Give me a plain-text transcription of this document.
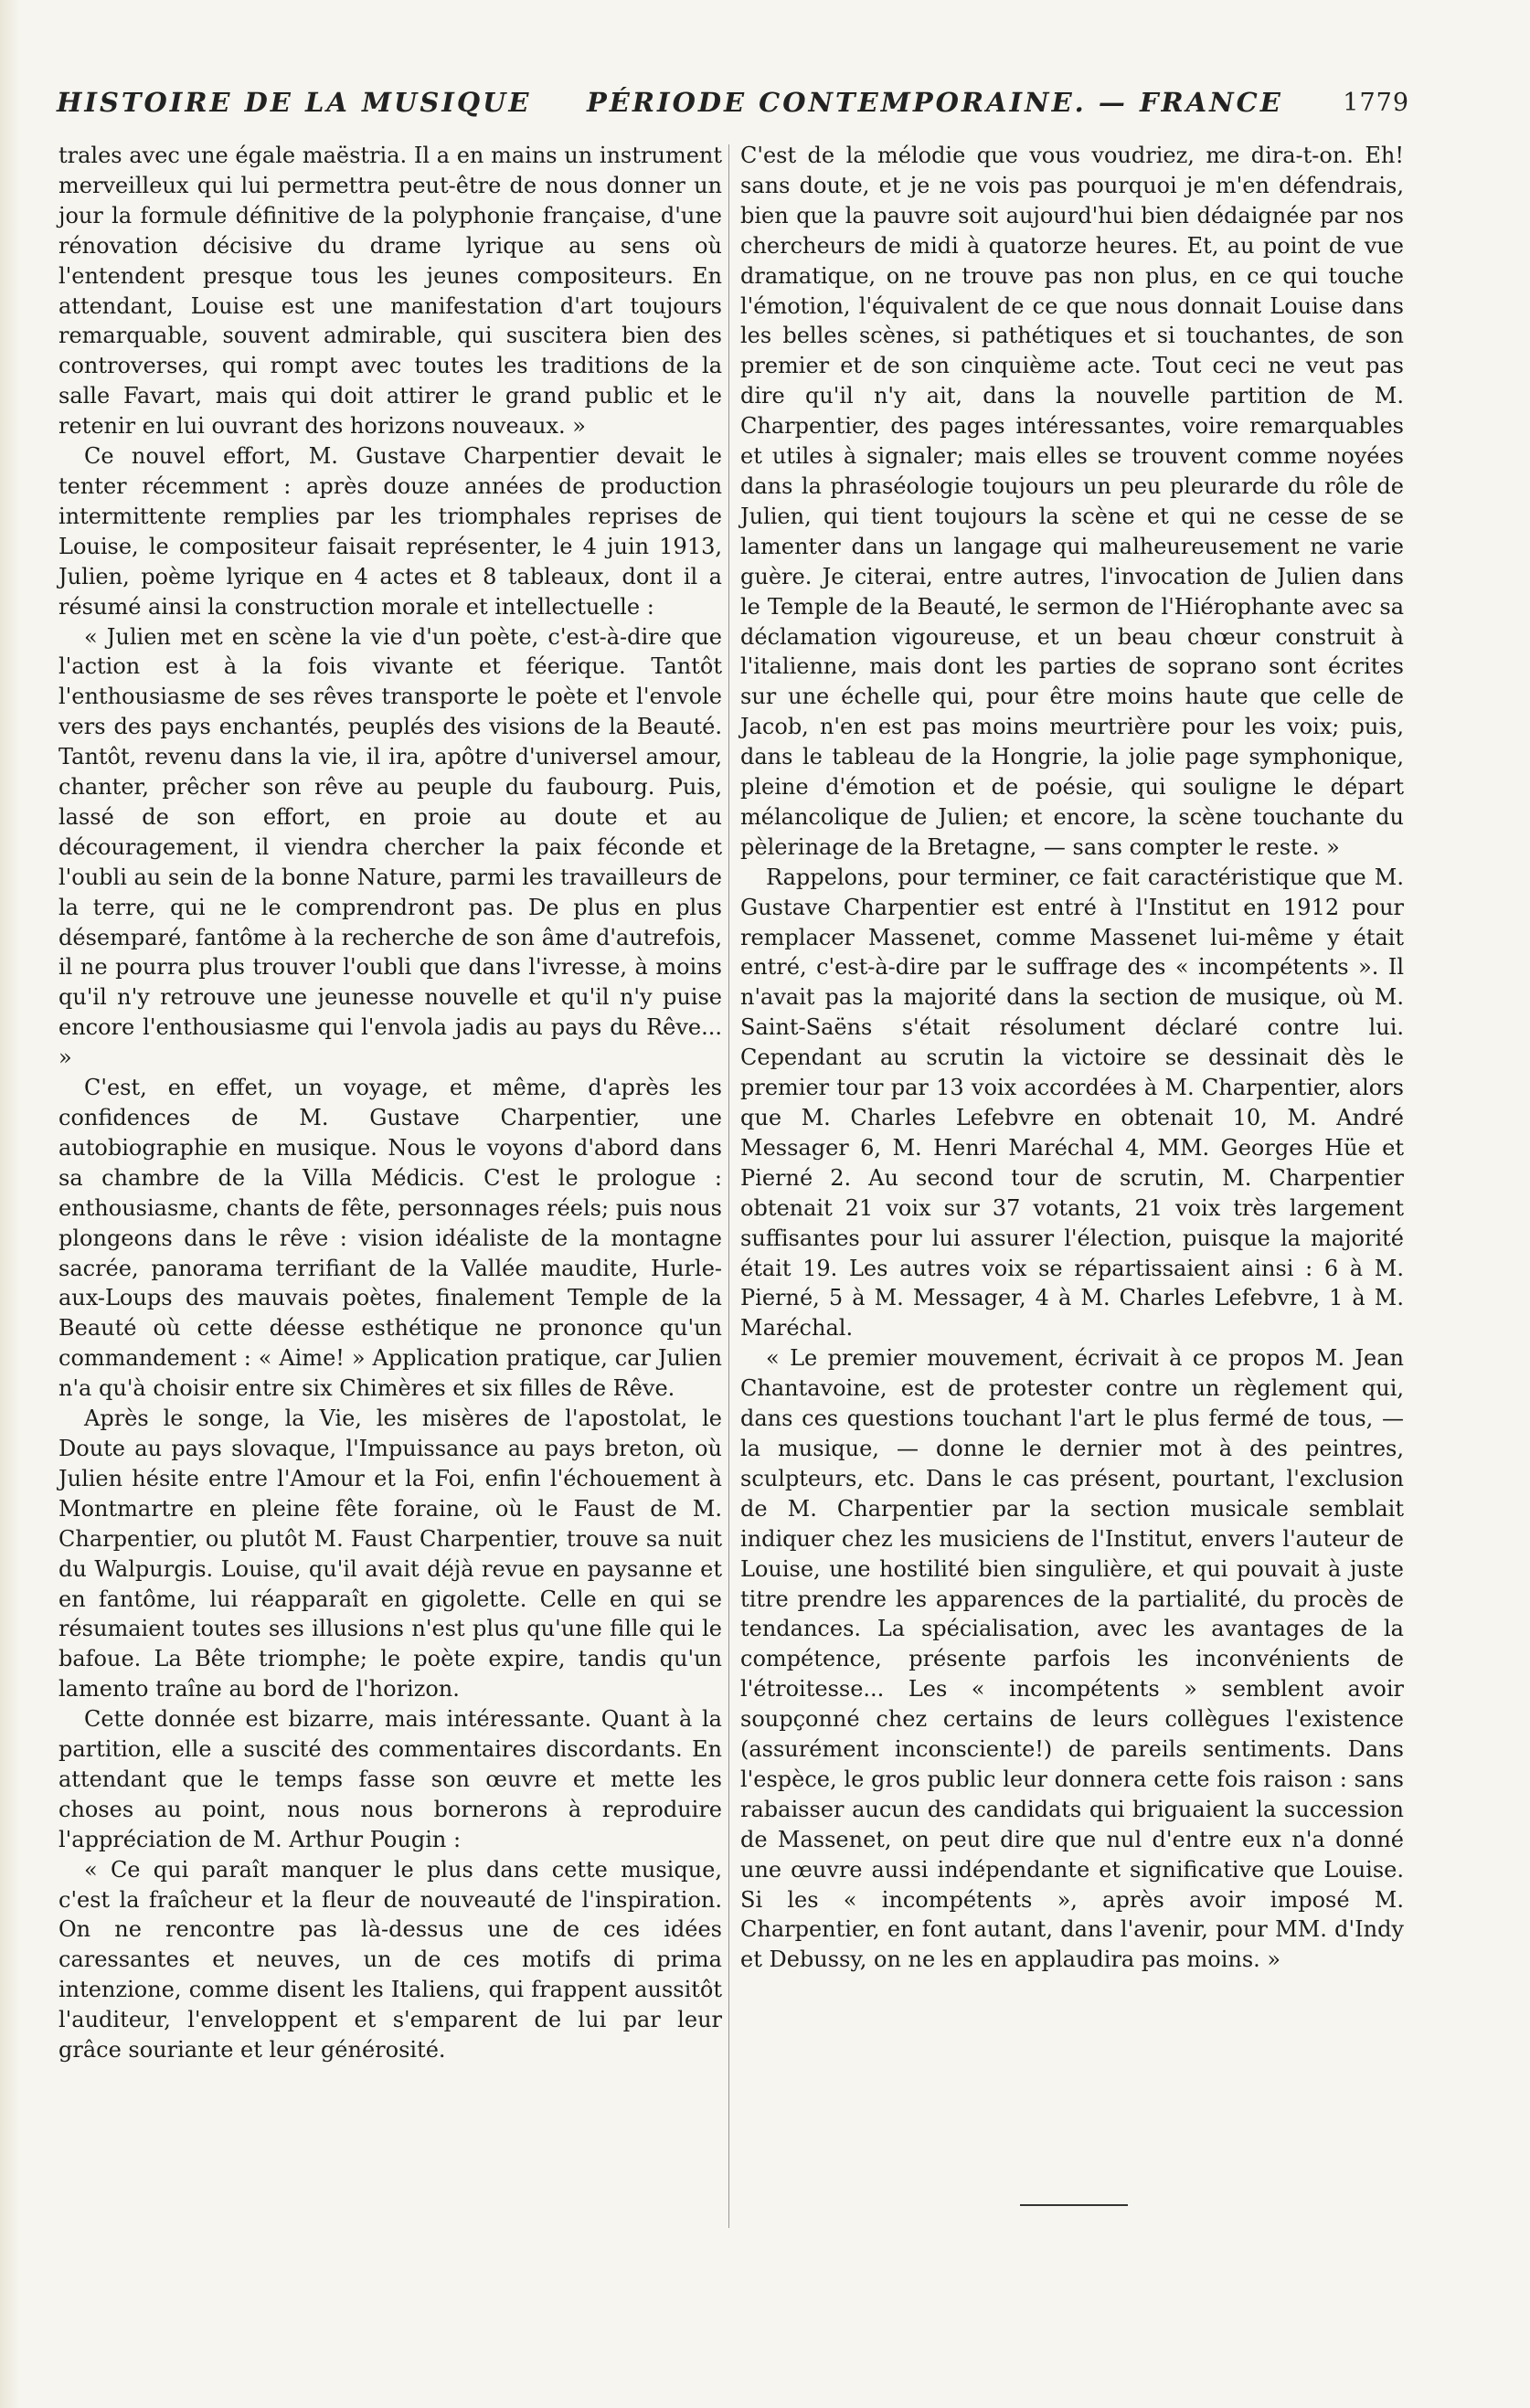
HISTOIRE DE LA MUSIQUE PÉRIODE CONTEMPORAINE. — FRANCE 1779

trales avec une égale maëstria. Il a en mains un instrument merveilleux qui lui permettra peut-être de nous donner un jour la formule définitive de la polyphonie française, d'une rénovation décisive du drame lyrique au sens où l'entendent presque tous les jeunes compositeurs. En attendant, Louise est une manifestation d'art toujours remarquable, souvent admirable, qui suscitera bien des controverses, qui rompt avec toutes les traditions de la salle Favart, mais qui doit attirer le grand public et le retenir en lui ouvrant des horizons nouveaux. »

Ce nouvel effort, M. Gustave Charpentier devait le tenter récemment : après douze années de production intermittente remplies par les triomphales reprises de Louise, le compositeur faisait représenter, le 4 juin 1913, Julien, poème lyrique en 4 actes et 8 tableaux, dont il a résumé ainsi la construction morale et intellectuelle :

« Julien met en scène la vie d'un poète, c'est-à-dire que l'action est à la fois vivante et féerique. Tantôt l'enthousiasme de ses rêves transporte le poète et l'envole vers des pays enchantés, peuplés des visions de la Beauté. Tantôt, revenu dans la vie, il ira, apôtre d'universel amour, chanter, prêcher son rêve au peuple du faubourg. Puis, lassé de son effort, en proie au doute et au découragement, il viendra chercher la paix féconde et l'oubli au sein de la bonne Nature, parmi les travailleurs de la terre, qui ne le comprendront pas. De plus en plus désemparé, fantôme à la recherche de son âme d'autrefois, il ne pourra plus trouver l'oubli que dans l'ivresse, à moins qu'il n'y retrouve une jeunesse nouvelle et qu'il n'y puise encore l'enthousiasme qui l'envola jadis au pays du Rêve... »

C'est, en effet, un voyage, et même, d'après les confidences de M. Gustave Charpentier, une autobiographie en musique. Nous le voyons d'abord dans sa chambre de la Villa Médicis. C'est le prologue : enthousiasme, chants de fête, personnages réels; puis nous plongeons dans le rêve : vision idéaliste de la montagne sacrée, panorama terrifiant de la Vallée maudite, Hurle-aux-Loups des mauvais poètes, finalement Temple de la Beauté où cette déesse esthétique ne prononce qu'un commandement : « Aime! » Application pratique, car Julien n'a qu'à choisir entre six Chimères et six filles de Rêve.

Après le songe, la Vie, les misères de l'apostolat, le Doute au pays slovaque, l'Impuissance au pays breton, où Julien hésite entre l'Amour et la Foi, enfin l'échouement à Montmartre en pleine fête foraine, où le Faust de M. Charpentier, ou plutôt M. Faust Charpentier, trouve sa nuit du Walpurgis. Louise, qu'il avait déjà revue en paysanne et en fantôme, lui réapparaît en gigolette. Celle en qui se résumaient toutes ses illusions n'est plus qu'une fille qui le bafoue. La Bête triomphe; le poète expire, tandis qu'un lamento traîne au bord de l'horizon.

Cette donnée est bizarre, mais intéressante. Quant à la partition, elle a suscité des commentaires discordants. En attendant que le temps fasse son œuvre et mette les choses au point, nous nous bornerons à reproduire l'appréciation de M. Arthur Pougin :

« Ce qui paraît manquer le plus dans cette musique, c'est la fraîcheur et la fleur de nouveauté de l'inspiration. On ne rencontre pas là-dessus une de ces idées caressantes et neuves, un de ces motifs di prima intenzione, comme disent les Italiens, qui frappent aussitôt l'auditeur, l'enveloppent et s'emparent de lui par leur grâce souriante et leur générosité.

C'est de la mélodie que vous voudriez, me dira-t-on. Eh! sans doute, et je ne vois pas pourquoi je m'en défendrais, bien que la pauvre soit aujourd'hui bien dédaignée par nos chercheurs de midi à quatorze heures. Et, au point de vue dramatique, on ne trouve pas non plus, en ce qui touche l'émotion, l'équivalent de ce que nous donnait Louise dans les belles scènes, si pathétiques et si touchantes, de son premier et de son cinquième acte. Tout ceci ne veut pas dire qu'il n'y ait, dans la nouvelle partition de M. Charpentier, des pages intéressantes, voire remarquables et utiles à signaler; mais elles se trouvent comme noyées dans la phraséologie toujours un peu pleurarde du rôle de Julien, qui tient toujours la scène et qui ne cesse de se lamenter dans un langage qui malheureusement ne varie guère. Je citerai, entre autres, l'invocation de Julien dans le Temple de la Beauté, le sermon de l'Hiérophante avec sa déclamation vigoureuse, et un beau chœur construit à l'italienne, mais dont les parties de soprano sont écrites sur une échelle qui, pour être moins haute que celle de Jacob, n'en est pas moins meurtrière pour les voix; puis, dans le tableau de la Hongrie, la jolie page symphonique, pleine d'émotion et de poésie, qui souligne le départ mélancolique de Julien; et encore, la scène touchante du pèlerinage de la Bretagne, — sans compter le reste. »

Rappelons, pour terminer, ce fait caractéristique que M. Gustave Charpentier est entré à l'Institut en 1912 pour remplacer Massenet, comme Massenet lui-même y était entré, c'est-à-dire par le suffrage des « incompétents ». Il n'avait pas la majorité dans la section de musique, où M. Saint-Saëns s'était résolument déclaré contre lui. Cependant au scrutin la victoire se dessinait dès le premier tour par 13 voix accordées à M. Charpentier, alors que M. Charles Lefebvre en obtenait 10, M. André Messager 6, M. Henri Maréchal 4, MM. Georges Hüe et Pierné 2. Au second tour de scrutin, M. Charpentier obtenait 21 voix sur 37 votants, 21 voix très largement suffisantes pour lui assurer l'élection, puisque la majorité était 19. Les autres voix se répartissaient ainsi : 6 à M. Pierné, 5 à M. Messager, 4 à M. Charles Lefebvre, 1 à M. Maréchal.

« Le premier mouvement, écrivait à ce propos M. Jean Chantavoine, est de protester contre un règlement qui, dans ces questions touchant l'art le plus fermé de tous, — la musique, — donne le dernier mot à des peintres, sculpteurs, etc. Dans le cas présent, pourtant, l'exclusion de M. Charpentier par la section musicale semblait indiquer chez les musiciens de l'Institut, envers l'auteur de Louise, une hostilité bien singulière, et qui pouvait à juste titre prendre les apparences de la partialité, du procès de tendances. La spécialisation, avec les avantages de la compétence, présente parfois les inconvénients de l'étroitesse... Les « incompétents » semblent avoir soupçonné chez certains de leurs collègues l'existence (assurément inconsciente!) de pareils sentiments. Dans l'espèce, le gros public leur donnera cette fois raison : sans rabaisser aucun des candidats qui briguaient la succession de Massenet, on peut dire que nul d'entre eux n'a donné une œuvre aussi indépendante et significative que Louise. Si les « incompétents », après avoir imposé M. Charpentier, en font autant, dans l'avenir, pour MM. d'Indy et Debussy, on ne les en applaudira pas moins. »
